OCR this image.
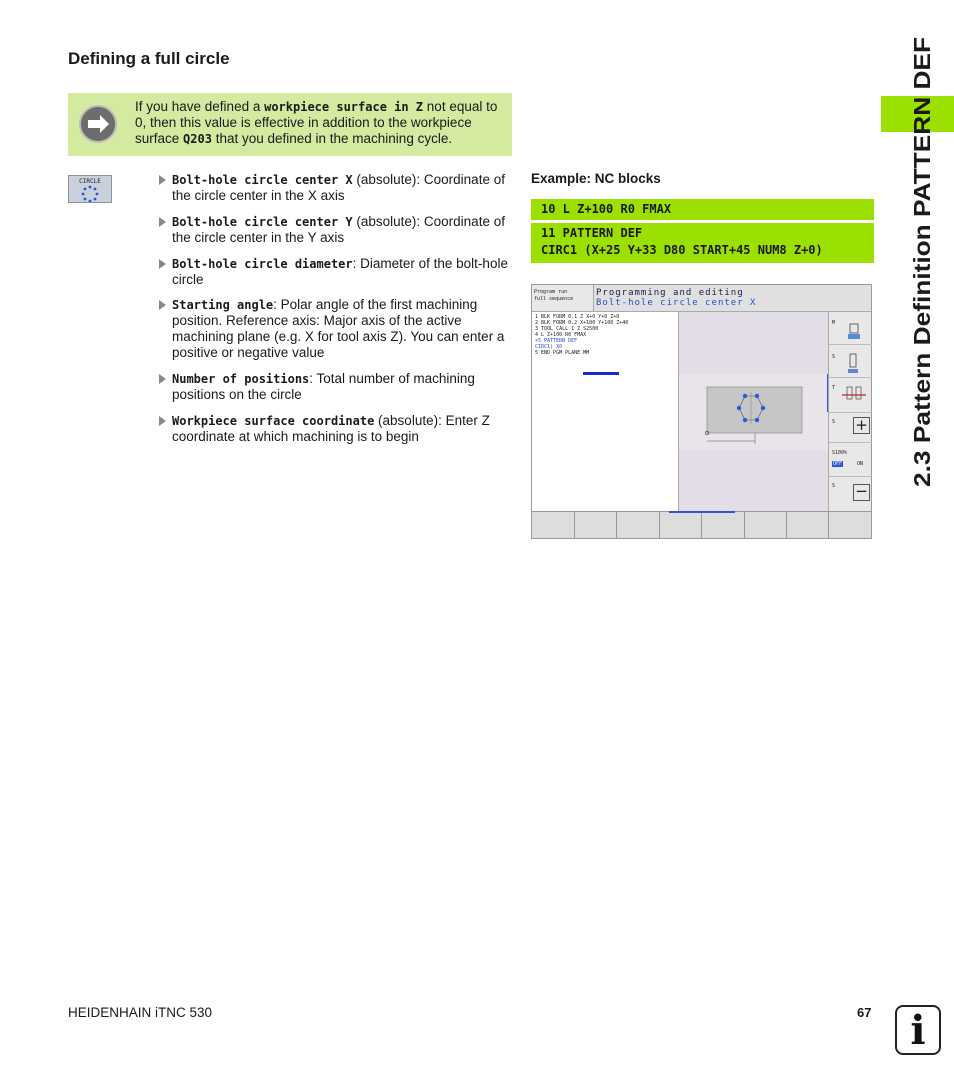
Defining a full circle
If you have defined a workpiece surface in Z not equal to 0, then this value is effective in addition to the workpiece surface Q203 that you defined in the machining cycle.
CIRCLE	Bolt-hole circle center X (absolute): Coordinate of the circle center in the X axis
Bolt-hole circle center Y (absolute): Coordinate of the circle center in the Y axis
Bolt-hole circle diameter: Diameter of the bolt-hole circle
Starting angle: Polar angle of the first machining position. Reference axis: Major axis of the active machining plane (e.g. X for tool axis Z). You can enter a positive or negative value
Number of positions: Total number of machining positions on the circle
Workpiece surface coordinate (absolute): Enter Z coordinate at which machining is to begin
Example: NC blocks
10 L Z+100 R0 FMAX
11 PATTERN DEF
CIRC1 (X+25 Y+33 D80 START+45 NUM8 Z+0)
Program run
full sequence
Programming and editing
Bolt-hole circle center X
1 BLK FORM 0.1 Z X+0 Y+0 Z+0
2 BLK FORM 0.2 X+100 Y+100 Z+40
3 TOOL CALL 1 Z S2500
4 L Z+100 R0 FMAX
+5 PATTERN DEF
CIRC1( X0
5 END PGM PLANE MM
M
S
T
S +
S100%
OFF	ON
S −
2.3 Pattern Definition PATTERN DEF
HEIDENHAIN iTNC 530	67 i
